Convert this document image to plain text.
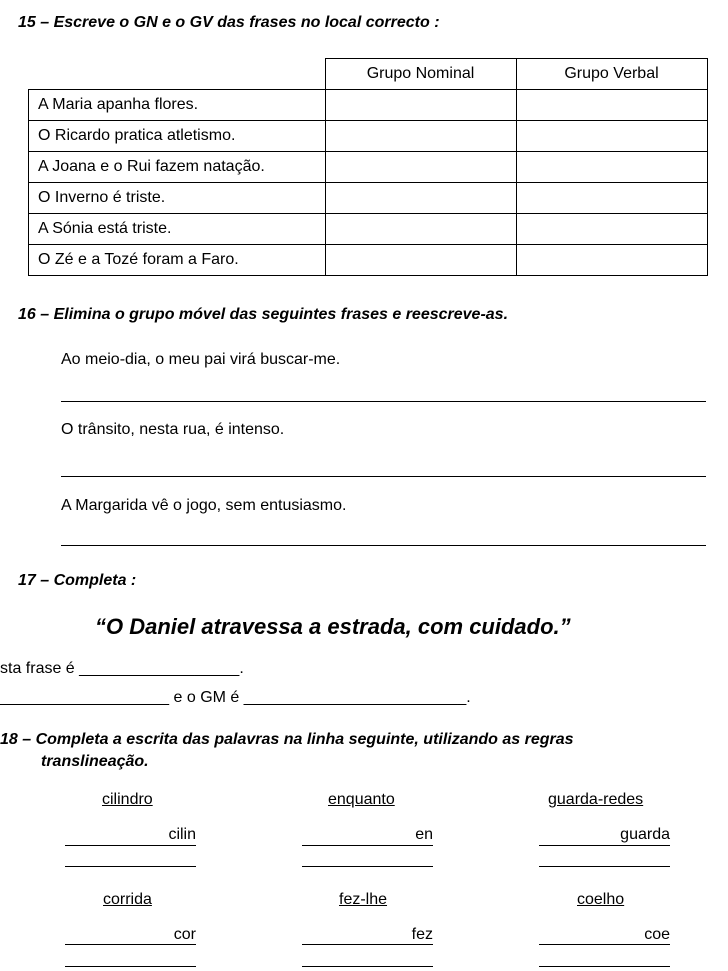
15 – Escreve o GN e o GV das frases no local correcto :
	Grupo Nominal	Grupo Verbal
A Maria apanha flores.		
O Ricardo pratica atletismo.		
A Joana e o Rui fazem natação.		
O Inverno é triste.		
A Sónia está triste.		
O Zé e a Tozé foram a Faro.		
16 – Elimina o grupo móvel das seguintes frases e reescreve-as.
Ao meio-dia, o meu pai virá buscar-me.
O trânsito, nesta rua, é intenso.
A Margarida vê o jogo, sem entusiasmo.
17 – Completa :
“O Daniel atravessa a estrada, com cuidado.”
sta frase é __________________.
___________________ e o GM é _________________________.
18 – Completa a escrita das palavras na linha seguinte, utilizando as regras
translineação.
cilindro	enquanto	guarda-redes
cilin	en	guarda
corrida	fez-lhe	coelho
cor	fez	coe
